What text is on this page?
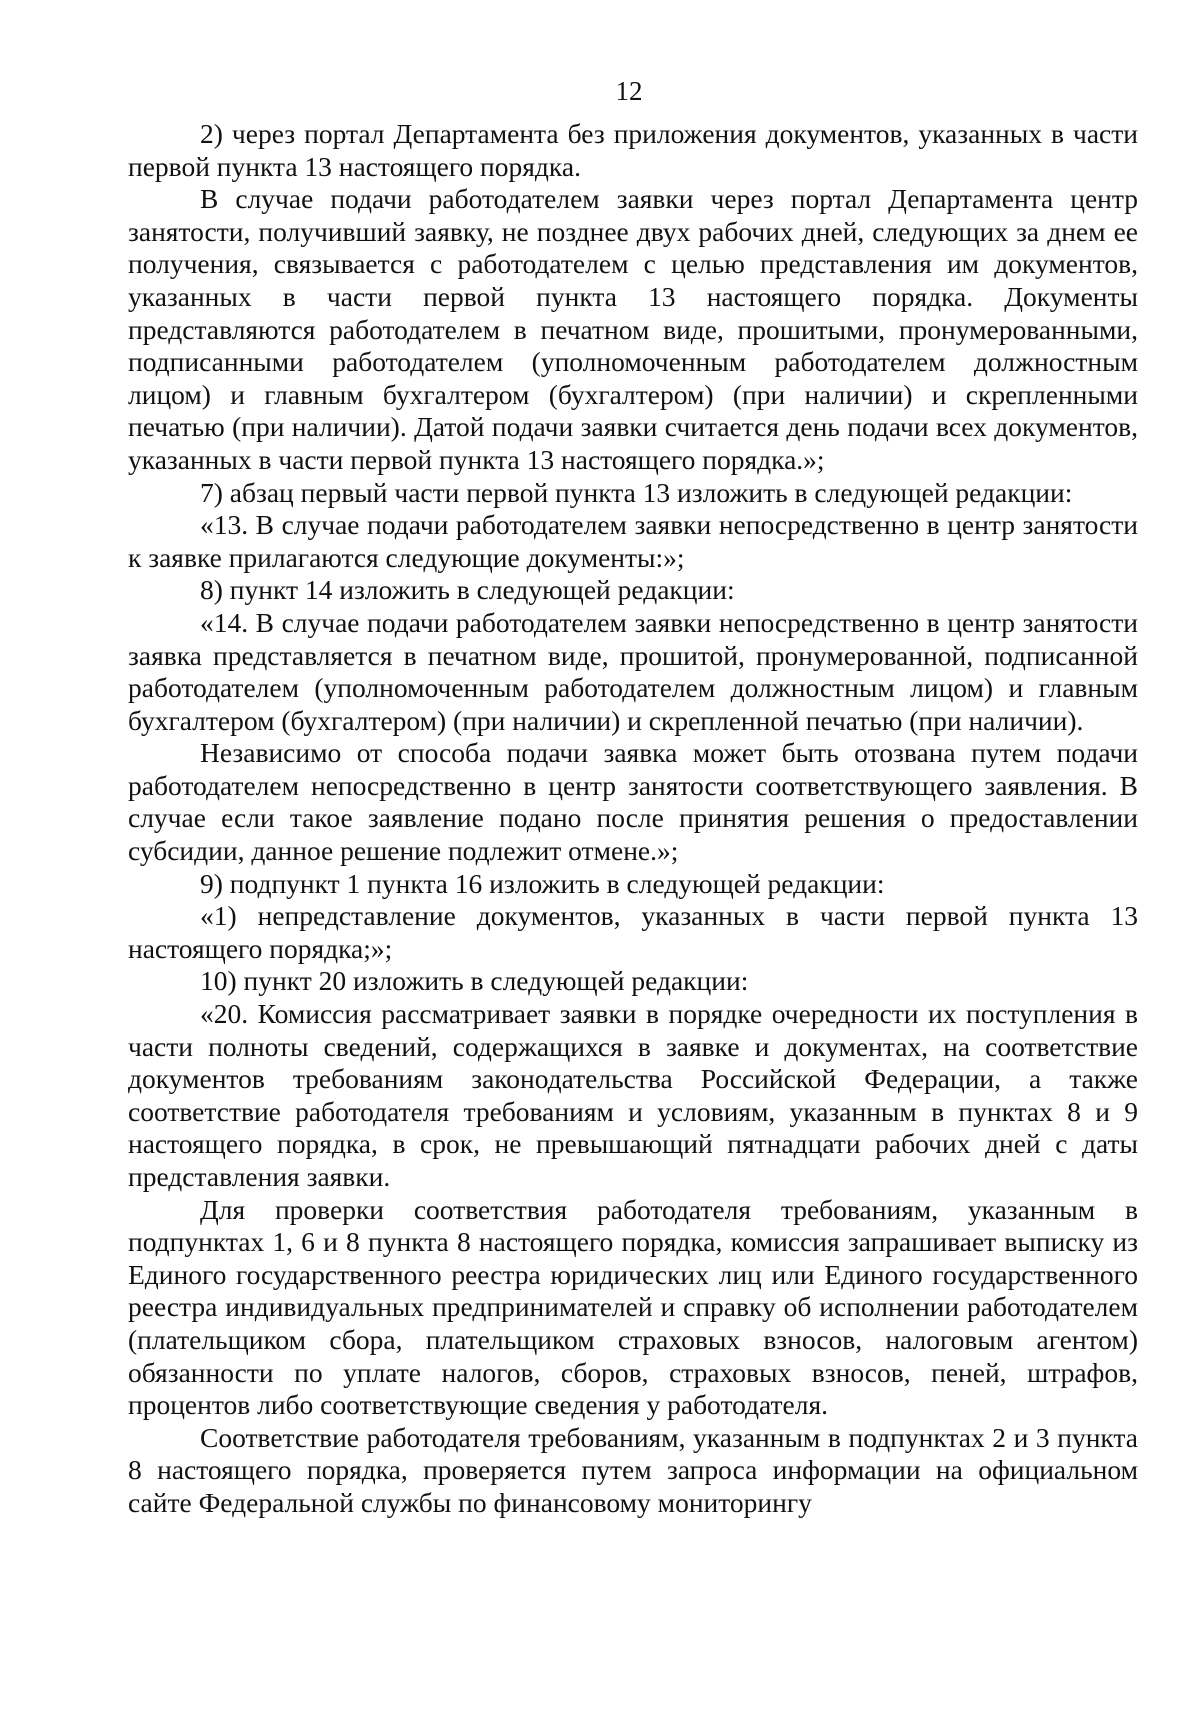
12

2) через портал Департамента без приложения документов, указанных в части первой пункта 13 настоящего порядка.

В случае подачи работодателем заявки через портал Департамента центр занятости, получивший заявку, не позднее двух рабочих дней, следующих за днем ее получения, связывается с работодателем с целью представления им документов, указанных в части первой пункта 13 настоящего порядка. Документы представляются работодателем в печатном виде, прошитыми, пронумерованными, подписанными работодателем (уполномоченным работодателем должностным лицом) и главным бухгалтером (бухгалтером) (при наличии) и скрепленными печатью (при наличии). Датой подачи заявки считается день подачи всех документов, указанных в части первой пункта 13 настоящего порядка.»;

7) абзац первый части первой пункта 13 изложить в следующей редакции:

«13. В случае подачи работодателем заявки непосредственно в центр занятости к заявке прилагаются следующие документы:»;

8) пункт 14 изложить в следующей редакции:

«14. В случае подачи работодателем заявки непосредственно в центр занятости заявка представляется в печатном виде, прошитой, пронумерованной, подписанной работодателем (уполномоченным работодателем должностным лицом) и главным бухгалтером (бухгалтером) (при наличии) и скрепленной печатью (при наличии).

Независимо от способа подачи заявка может быть отозвана путем подачи работодателем непосредственно в центр занятости соответствующего заявления. В случае если такое заявление подано после принятия решения о предоставлении субсидии, данное решение подлежит отмене.»;

9) подпункт 1 пункта 16 изложить в следующей редакции:

«1) непредставление документов, указанных в части первой пункта 13 настоящего порядка;»;

10) пункт 20 изложить в следующей редакции:

«20. Комиссия рассматривает заявки в порядке очередности их поступления в части полноты сведений, содержащихся в заявке и документах, на соответствие документов требованиям законодательства Российской Федерации, а также соответствие работодателя требованиям и условиям, указанным в пунктах 8 и 9 настоящего порядка, в срок, не превышающий пятнадцати рабочих дней с даты представления заявки.

Для проверки соответствия работодателя требованиям, указанным в подпунктах 1, 6 и 8 пункта 8 настоящего порядка, комиссия запрашивает выписку из Единого государственного реестра юридических лиц или Единого государственного реестра индивидуальных предпринимателей и справку об исполнении работодателем (плательщиком сбора, плательщиком страховых взносов, налоговым агентом) обязанности по уплате налогов, сборов, страховых взносов, пеней, штрафов, процентов либо соответствующие сведения у работодателя.

Соответствие работодателя требованиям, указанным в подпунктах 2 и 3 пункта 8 настоящего порядка, проверяется путем запроса информации на официальном сайте Федеральной службы по финансовому мониторингу
